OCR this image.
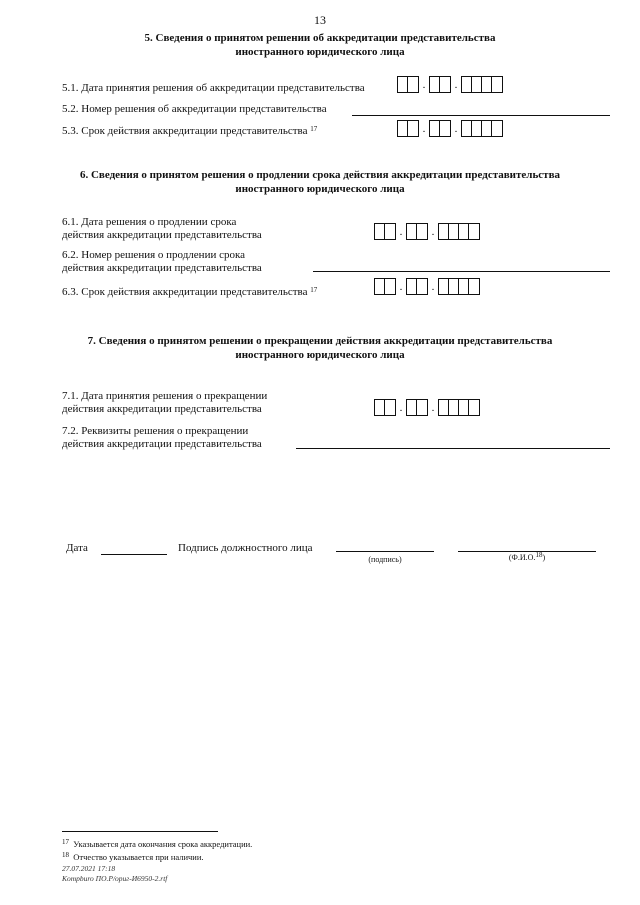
13
5. Сведения о принятом решении об аккредитации представительства
иностранного юридического лица
5.1. Дата принятия решения об аккредитации представительства	.	.
5.2. Номер решения об аккредитации представительства
5.3. Срок действия аккредитации представительства $^{17}$	.	.
6. Сведения о принятом решения о продлении срока действия аккредитации представительства
иностранного юридического лица
6.1. Дата решения о продлении срока
действия аккредитации представительства	.	.
6.2. Номер решения о продлении срока
действия аккредитации представительства
6.3. Срок действия аккредитации представительства $^{17}$	.	.
7. Сведения о принятом решении о прекращении действия аккредитации представительства
иностранного юридического лица
7.1. Дата принятия решения о прекращении
действия аккредитации представительства	.	.
7.2. Реквизиты решения о прекращении
действия аккредитации представительства
Дата	Подпись должностного лица
(подпись)	(Ф.И.О.$^{18}$)
$^{17}$ Указывается дата окончания срока аккредитации.
$^{18}$ Отчество указывается при наличии.
27.07.2021 17:18
Kompburo ПО.Р/ориг-И6950-2.rtf
